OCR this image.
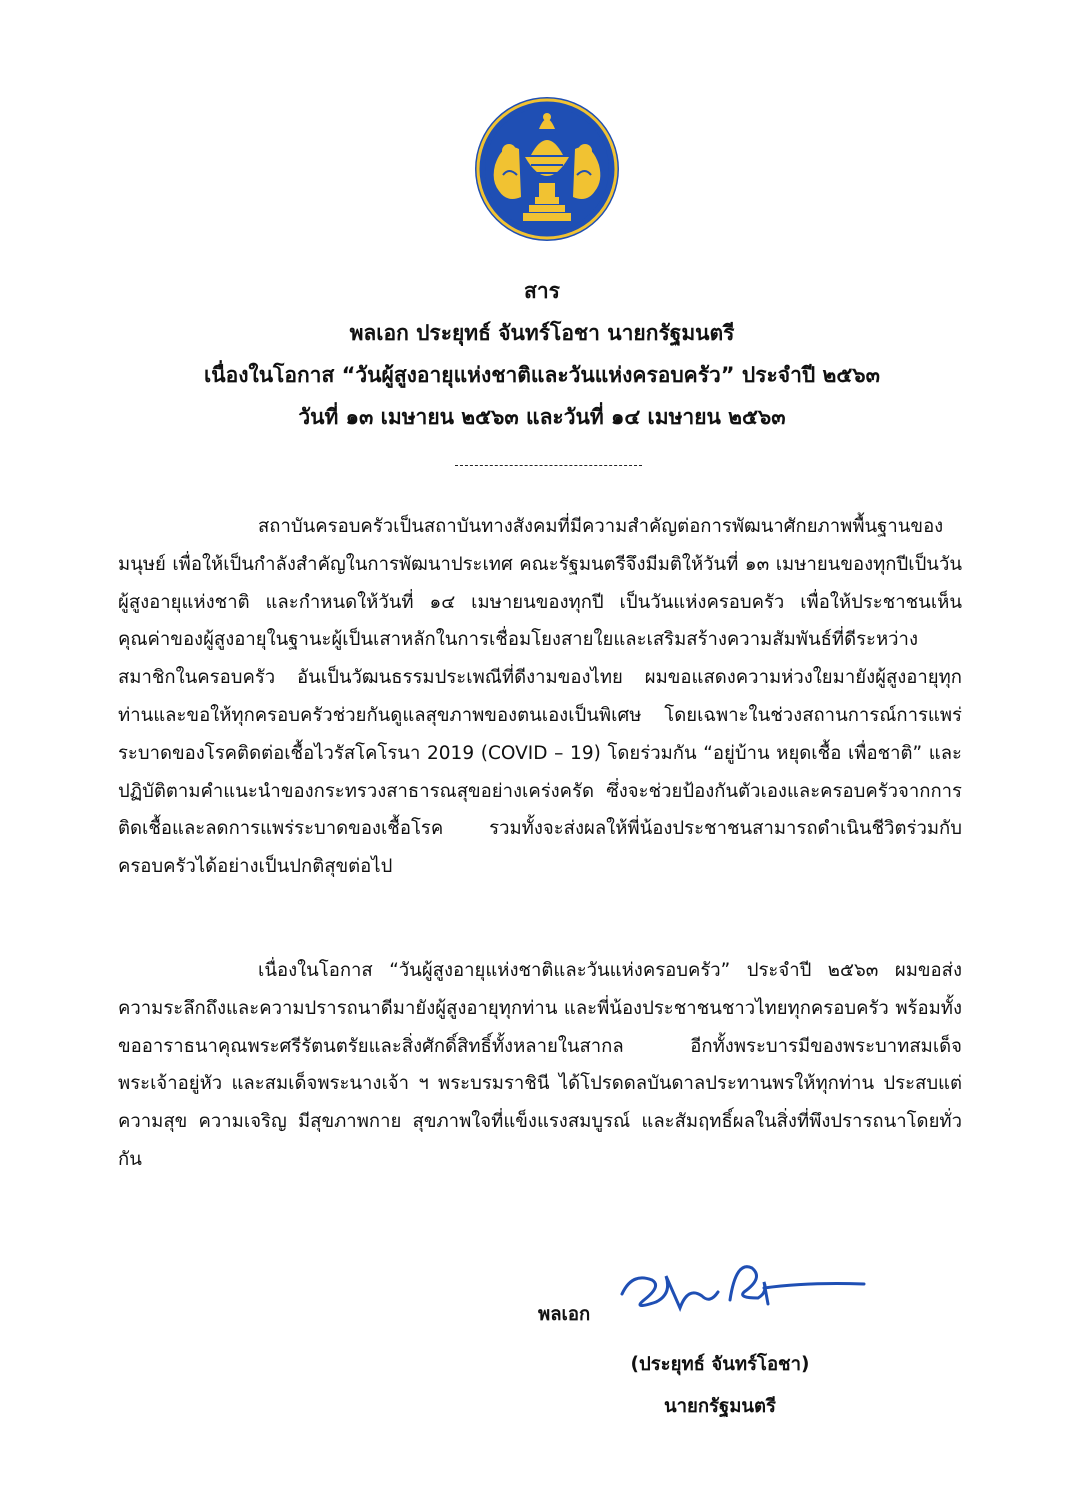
สาร
พลเอก ประยุทธ์ จันทร์โอชา นายกรัฐมนตรี
เนื่องในโอกาส “วันผู้สูงอายุแห่งชาติและวันแห่งครอบครัว” ประจำปี ๒๕๖๓
วันที่ ๑๓ เมษายน ๒๕๖๓ และวันที่ ๑๔ เมษายน ๒๕๖๓
สถาบันครอบครัวเป็นสถาบันทางสังคมที่มีความสำคัญต่อการพัฒนาศักยภาพพื้นฐานของมนุษย์ เพื่อให้เป็นกำลังสำคัญในการพัฒนาประเทศ คณะรัฐมนตรีจึงมีมติให้วันที่ ๑๓ เมษายนของทุกปีเป็นวันผู้สูงอายุแห่งชาติ และกำหนดให้วันที่ ๑๔ เมษายนของทุกปี เป็นวันแห่งครอบครัว เพื่อให้ประชาชนเห็นคุณค่าของผู้สูงอายุในฐานะผู้เป็นเสาหลักในการเชื่อมโยงสายใยและเสริมสร้างความสัมพันธ์ที่ดีระหว่างสมาชิกในครอบครัว อันเป็นวัฒนธรรมประเพณีที่ดีงามของไทย ผมขอแสดงความห่วงใยมายังผู้สูงอายุทุกท่านและขอให้ทุกครอบครัวช่วยกันดูแลสุขภาพของตนเองเป็นพิเศษ โดยเฉพาะในช่วงสถานการณ์การแพร่ระบาดของโรคติดต่อเชื้อไวรัสโคโรนา 2019 (COVID – 19) โดยร่วมกัน “อยู่บ้าน หยุดเชื้อ เพื่อชาติ” และปฏิบัติตามคำแนะนำของกระทรวงสาธารณสุขอย่างเคร่งครัด ซึ่งจะช่วยป้องกันตัวเองและครอบครัวจากการติดเชื้อและลดการแพร่ระบาดของเชื้อโรค รวมทั้งจะส่งผลให้พี่น้องประชาชนสามารถดำเนินชีวิตร่วมกับครอบครัวได้อย่างเป็นปกติสุขต่อไป
เนื่องในโอกาส “วันผู้สูงอายุแห่งชาติและวันแห่งครอบครัว” ประจำปี ๒๕๖๓ ผมขอส่งความระลึกถึงและความปรารถนาดีมายังผู้สูงอายุทุกท่าน และพี่น้องประชาชนชาวไทยทุกครอบครัว พร้อมทั้งขออาราธนาคุณพระศรีรัตนตรัยและสิ่งศักดิ์สิทธิ์ทั้งหลายในสากล อีกทั้งพระบารมีของพระบาทสมเด็จพระเจ้าอยู่หัว และสมเด็จพระนางเจ้า ฯ พระบรมราชินี ได้โปรดดลบันดาลประทานพรให้ทุกท่าน ประสบแต่ความสุข ความเจริญ มีสุขภาพกาย สุขภาพใจที่แข็งแรงสมบูรณ์ และสัมฤทธิ์ผลในสิ่งที่พึงปรารถนาโดยทั่วกัน
พลเอก
(ประยุทธ์ จันทร์โอชา)
นายกรัฐมนตรี
